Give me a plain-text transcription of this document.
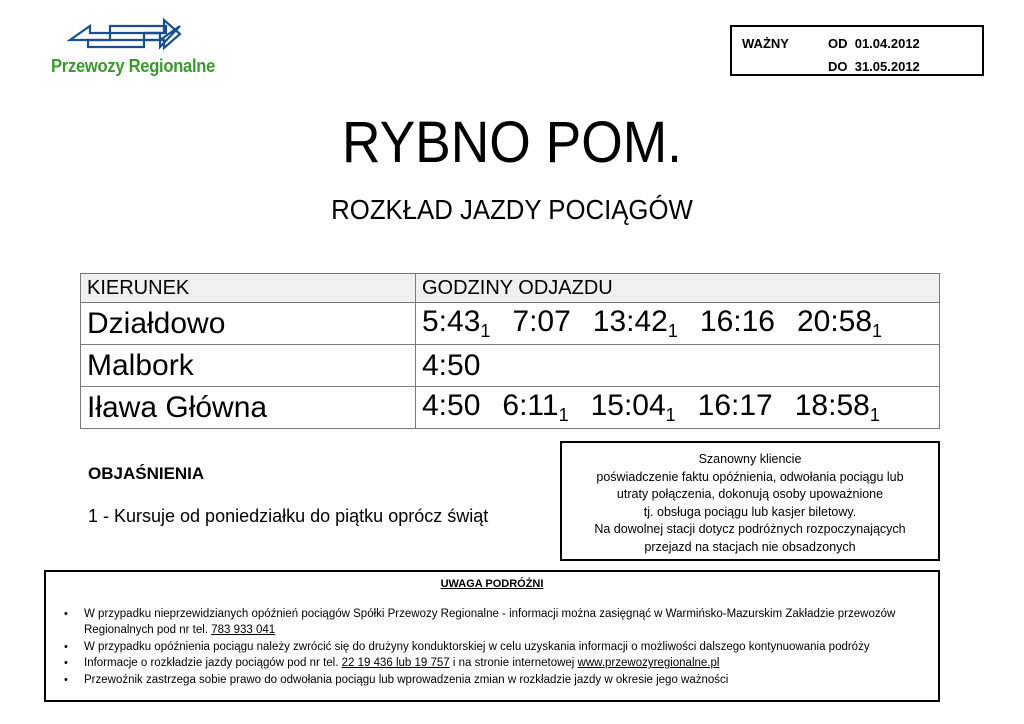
Przewozy Regionalne
WAŻNY	OD  01.04.2012
DO  31.05.2012
RYBNO POM.
ROZKŁAD JAZDY POCIĄGÓW
KIERUNEK	GODZINY ODJAZDU
Działdowo	$5:43_1$ 7:07 $13:42_1$ 16:16 $20:58_1$
Malbork	4:50
Iława Główna	4:50 $6:11_1$ $15:04_1$ 16:17 $18:58_1$
OBJAŚNIENIA
1 - Kursuje od poniedziałku do piątku oprócz świąt
Szanowny kliencie
poświadczenie faktu opóźnienia, odwołania pociągu lub
utraty połączenia, dokonują osoby upoważnione
tj. obsługa pociągu lub kasjer biletowy.
Na dowolnej stacji dotycz podróżnych rozpoczynających
przejazd na stacjach nie obsadzonych
UWAGA PODRÓŻNI
• W przypadku nieprzewidzianych opóźnień pociągów Spółki Przewozy Regionalne - informacji można zasięgnąć w Warmińsko-Mazurskim Zakładzie przewozów Regionalnych pod nr tel. 783 933 041
• W przypadku opóźnienia pociągu należy zwrócić się do drużyny konduktorskiej w celu uzyskania informacji o możliwości dalszego kontynuowania podróży
• Informacje o rozkładzie jazdy pociągów pod nr tel. 22 19 436 lub 19 757 i na stronie internetowej www.przewozyregionalne.pl
• Przewoźnik zastrzega sobie prawo do odwołania pociągu lub wprowadzenia zmian w rozkładzie jazdy w okresie jego ważności
